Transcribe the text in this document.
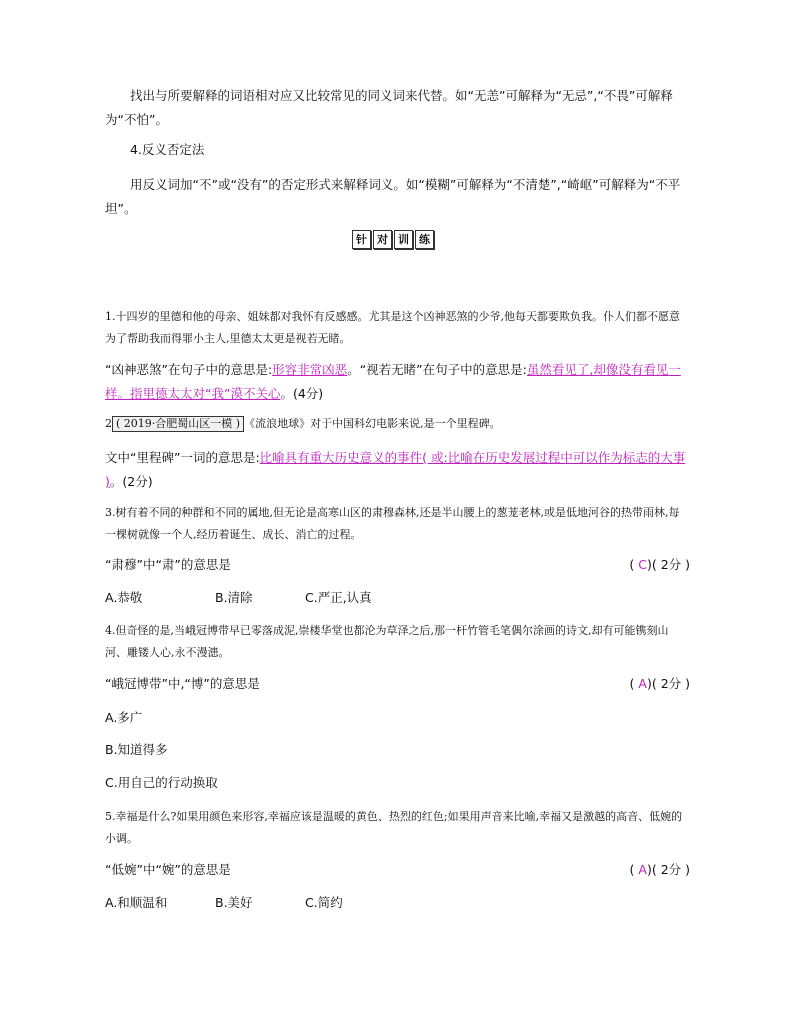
找出与所要解释的词语相对应又比较常见的同义词来代替。如“无恙”可解释为“无忌”,“不畏”可解释为“不怕”。
4.反义否定法
用反义词加“不”或“没有”的否定形式来解释词义。如“模糊”可解释为“不清楚”,“崎岖”可解释为“不平坦”。
针 对 训 练
1.十四岁的里德和他的母亲、姐妹都对我怀有反感感。尤其是这个凶神恶煞的少爷,他每天都要欺负我。仆人们都不愿意为了帮助我而得罪小主人,里德太太更是视若无睹。
“凶神恶煞”在句子中的意思是:形容非常凶恶。“视若无睹”在句子中的意思是:虽然看见了,却像没有看见一样。指里德太太对“我”漠不关心。(4分)
2 ( 2019·合肥蜀山区一模 ) 《流浪地球》对于中国科幻电影来说,是一个里程碑。
文中“里程碑”一词的意思是:比喻具有重大历史意义的事件( 或:比喻在历史发展过程中可以作为标志的大事 )。(2分)
3.树有着不同的种群和不同的属地,但无论是高寒山区的肃穆森林,还是半山腰上的葱茏老林,或是低地河谷的热带雨林,每一棵树就像一个人,经历着诞生、成长、消亡的过程。
“肃穆”中“肃”的意思是	( C)( 2分 )
A.恭敬	B.清除	C.严正,认真
4.但奇怪的是,当峨冠博带早已零落成泥,崇楼华堂也都沦为草泽之后,那一杆竹管毛笔偶尔涂画的诗文,却有可能镌刻山河、雕镂人心,永不漫漶。
“峨冠博带”中,“博”的意思是	( A)( 2分 )
A.多广
B.知道得多
C.用自己的行动换取
5.幸福是什么?如果用颜色来形容,幸福应该是温暖的黄色、热烈的红色;如果用声音来比喻,幸福又是激越的高音、低婉的小调。
“低婉”中“婉”的意思是	( A)( 2分 )
A.和顺温和	B.美好	C.简约
